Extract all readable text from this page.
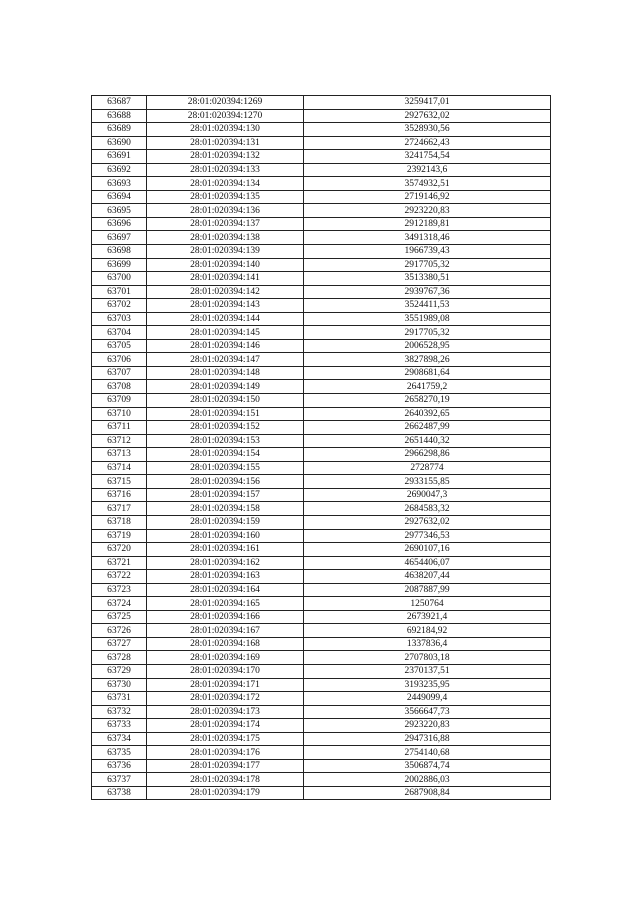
63687	28:01:020394:1269	3259417,01
63688	28:01:020394:1270	2927632,02
63689	28:01:020394:130	3528930,56
63690	28:01:020394:131	2724662,43
63691	28:01:020394:132	3241754,54
63692	28:01:020394:133	2392143,6
63693	28:01:020394:134	3574932,51
63694	28:01:020394:135	2719146,92
63695	28:01:020394:136	2923220,83
63696	28:01:020394:137	2912189,81
63697	28:01:020394:138	3491318,46
63698	28:01:020394:139	1966739,43
63699	28:01:020394:140	2917705,32
63700	28:01:020394:141	3513380,51
63701	28:01:020394:142	2939767,36
63702	28:01:020394:143	3524411,53
63703	28:01:020394:144	3551989,08
63704	28:01:020394:145	2917705,32
63705	28:01:020394:146	2006528,95
63706	28:01:020394:147	3827898,26
63707	28:01:020394:148	2908681,64
63708	28:01:020394:149	2641759,2
63709	28:01:020394:150	2658270,19
63710	28:01:020394:151	2640392,65
63711	28:01:020394:152	2662487,99
63712	28:01:020394:153	2651440,32
63713	28:01:020394:154	2966298,86
63714	28:01:020394:155	2728774
63715	28:01:020394:156	2933155,85
63716	28:01:020394:157	2690047,3
63717	28:01:020394:158	2684583,32
63718	28:01:020394:159	2927632,02
63719	28:01:020394:160	2977346,53
63720	28:01:020394:161	2690107,16
63721	28:01:020394:162	4654406,07
63722	28:01:020394:163	4638207,44
63723	28:01:020394:164	2087887,99
63724	28:01:020394:165	1250764
63725	28:01:020394:166	2673921,4
63726	28:01:020394:167	692184,92
63727	28:01:020394:168	1337836,4
63728	28:01:020394:169	2707803,18
63729	28:01:020394:170	2370137,51
63730	28:01:020394:171	3193235,95
63731	28:01:020394:172	2449099,4
63732	28:01:020394:173	3566647,73
63733	28:01:020394:174	2923220,83
63734	28:01:020394:175	2947316,88
63735	28:01:020394:176	2754140,68
63736	28:01:020394:177	3506874,74
63737	28:01:020394:178	2002886,03
63738	28:01:020394:179	2687908,84
